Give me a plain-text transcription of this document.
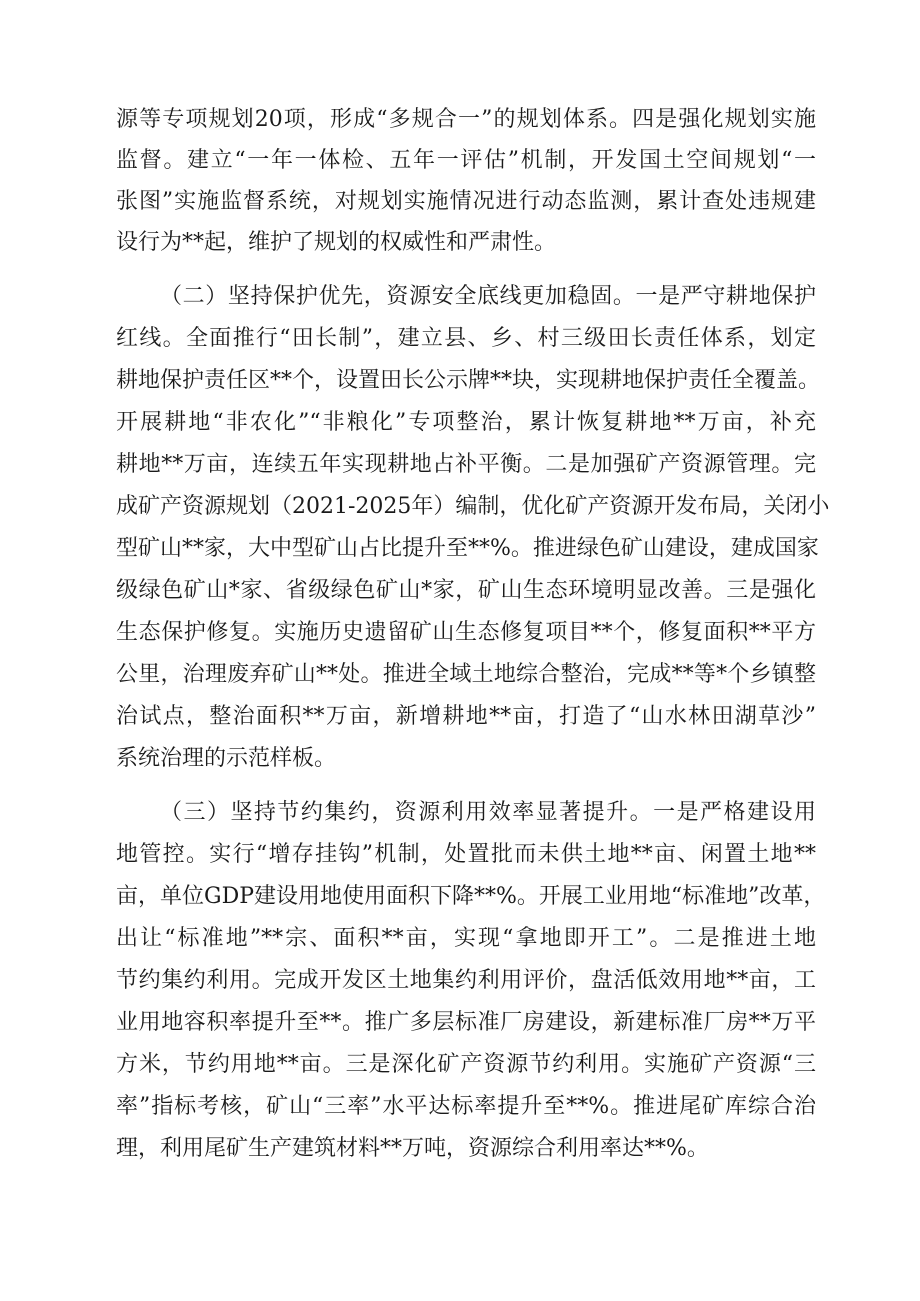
源等专项规划20项，形成“多规合一”的规划体系。四是强化规划实施
监督。建立“一年一体检、五年一评估”机制，开发国土空间规划“一
张图”实施监督系统，对规划实施情况进行动态监测，累计查处违规建
设行为**起，维护了规划的权威性和严肃性。
（二）坚持保护优先，资源安全底线更加稳固。一是严守耕地保护
红线。全面推行“田长制”，建立县、乡、村三级田长责任体系，划定
耕地保护责任区**个，设置田长公示牌**块，实现耕地保护责任全覆盖。
开展耕地“非农化”“非粮化”专项整治，累计恢复耕地**万亩，补充
耕地**万亩，连续五年实现耕地占补平衡。二是加强矿产资源管理。完
成矿产资源规划（2021-2025年）编制，优化矿产资源开发布局，关闭小
型矿山**家，大中型矿山占比提升至**%。推进绿色矿山建设，建成国家
级绿色矿山*家、省级绿色矿山*家，矿山生态环境明显改善。三是强化
生态保护修复。实施历史遗留矿山生态修复项目**个，修复面积**平方
公里，治理废弃矿山**处。推进全域土地综合整治，完成**等*个乡镇整
治试点，整治面积**万亩，新增耕地**亩，打造了“山水林田湖草沙”
系统治理的示范样板。
（三）坚持节约集约，资源利用效率显著提升。一是严格建设用
地管控。实行“增存挂钩”机制，处置批而未供土地**亩、闲置土地**
亩，单位GDP建设用地使用面积下降**%。开展工业用地“标准地”改革，
出让“标准地”**宗、面积**亩，实现“拿地即开工”。二是推进土地
节约集约利用。完成开发区土地集约利用评价，盘活低效用地**亩，工
业用地容积率提升至**。推广多层标准厂房建设，新建标准厂房**万平
方米，节约用地**亩。三是深化矿产资源节约利用。实施矿产资源“三
率”指标考核，矿山“三率”水平达标率提升至**%。推进尾矿库综合治
理，利用尾矿生产建筑材料**万吨，资源综合利用率达**%。
